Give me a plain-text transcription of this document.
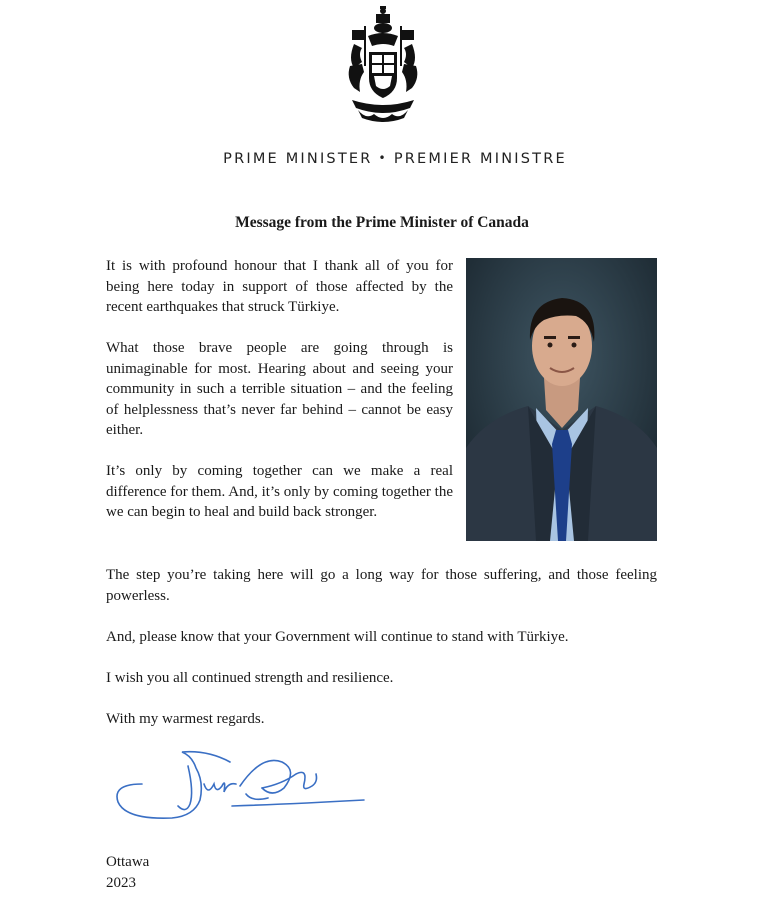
PRIME MINISTER • PREMIER MINISTRE
Message from the Prime Minister of Canada

It is with profound honour that I thank all of you for being here today in support of those affected by the recent earthquakes that struck Türkiye.

What those brave people are going through is unimaginable for most. Hearing about and seeing your community in such a terrible situation – and the feeling of helplessness that’s never far behind – cannot be easy either.

It’s only by coming together can we make a real difference for them. And, it’s only by coming together the we can begin to heal and build back stronger.

The step you’re taking here will go a long way for those suffering, and those feeling powerless.

And, please know that your Government will continue to stand with Türkiye.

I wish you all continued strength and resilience.

With my warmest regards.

Ottawa

2023
